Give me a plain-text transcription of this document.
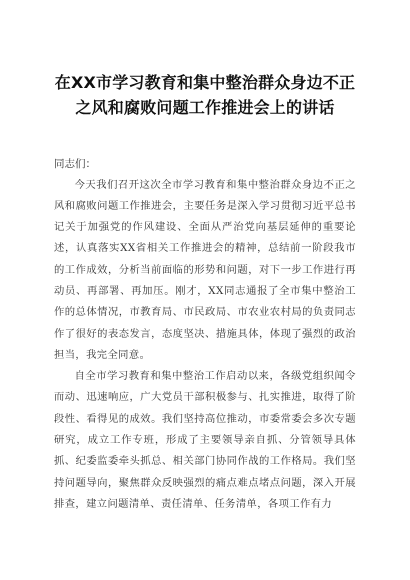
在XX市学习教育和集中整治群众身边不正之风和腐败问题工作推进会上的讲话

同志们：

今天我们召开这次全市学习教育和集中整治群众身边不正之风和腐败问题工作推进会，主要任务是深入学习贯彻习近平总书记关于加强党的作风建设、全面从严治党向基层延伸的重要论述，认真落实XX省相关工作推进会的精神，总结前一阶段我市的工作成效，分析当前面临的形势和问题，对下一步工作进行再动员、再部署、再加压。刚才，XX同志通报了全市集中整治工作的总体情况，市教育局、市民政局、市农业农村局的负责同志作了很好的表态发言，态度坚决、措施具体，体现了强烈的政治担当，我完全同意。

自全市学习教育和集中整治工作启动以来，各级党组织闻令而动、迅速响应，广大党员干部积极参与、扎实推进，取得了阶段性、看得见的成效。我们坚持高位推动，市委常委会多次专题研究，成立工作专班，形成了主要领导亲自抓、分管领导具体抓、纪委监委牵头抓总、相关部门协同作战的工作格局。我们坚持问题导向，聚焦群众反映强烈的痛点难点堵点问题，深入开展排查，建立问题清单、责任清单、任务清单，各项工作有力
